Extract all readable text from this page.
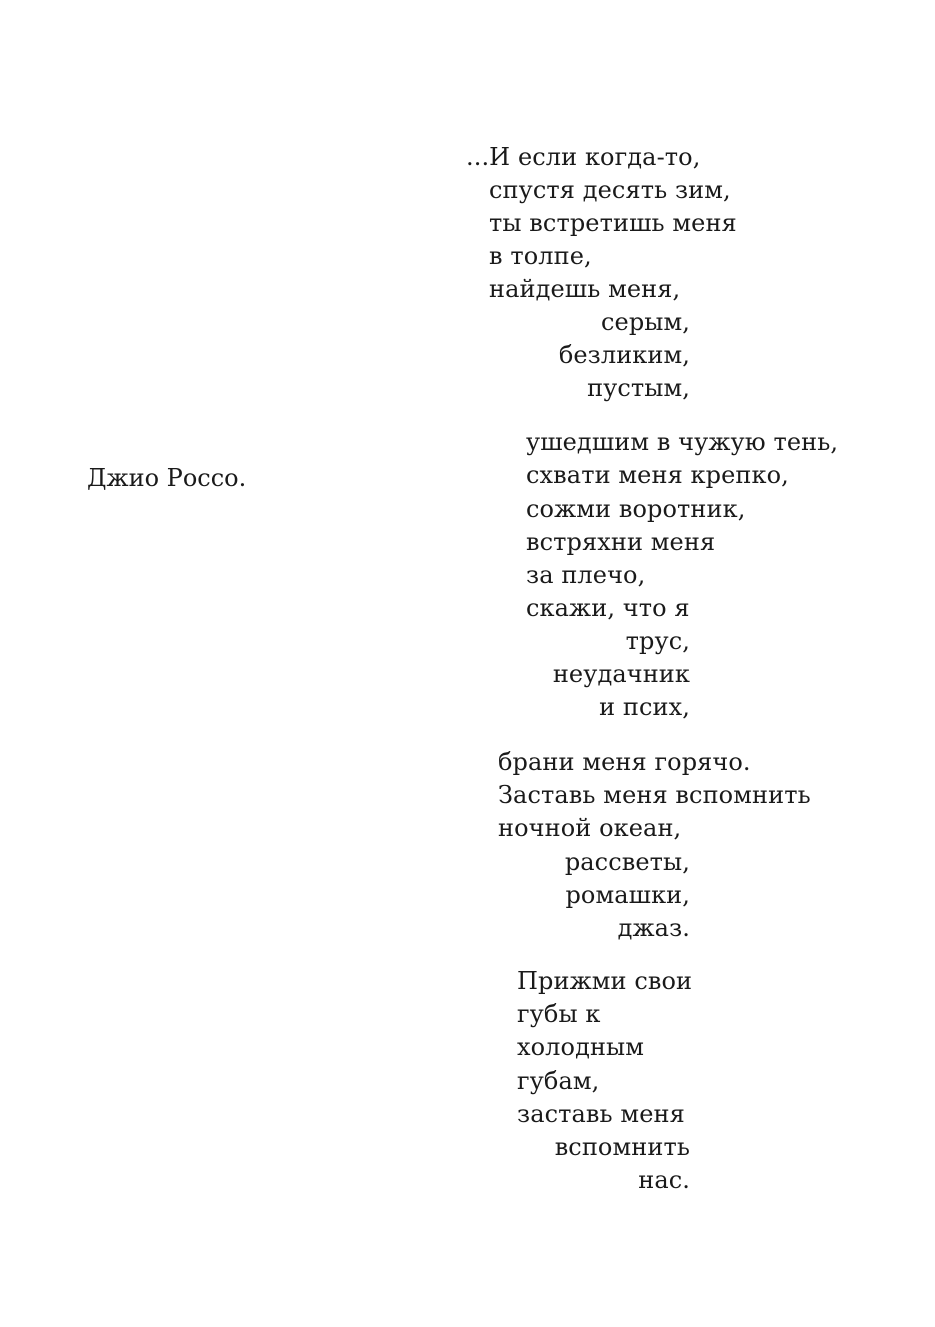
Джио Россо.
...И если когда-то,
спустя десять зим,
ты встретишь меня
в толпе,
найдешь меня,
серым,
безликим,
пустым,
ушедшим в чужую тень,
схвати меня крепко,
сожми воротник,
встряхни меня
за плечо,
скажи, что я
трус,
неудачник
и псих,
брани меня горячо.
Заставь меня вспомнить
ночной океан,
рассветы,
ромашки,
джаз.
Прижми свои
губы к
холодным
губам,
заставь меня
вспомнить
нас.
